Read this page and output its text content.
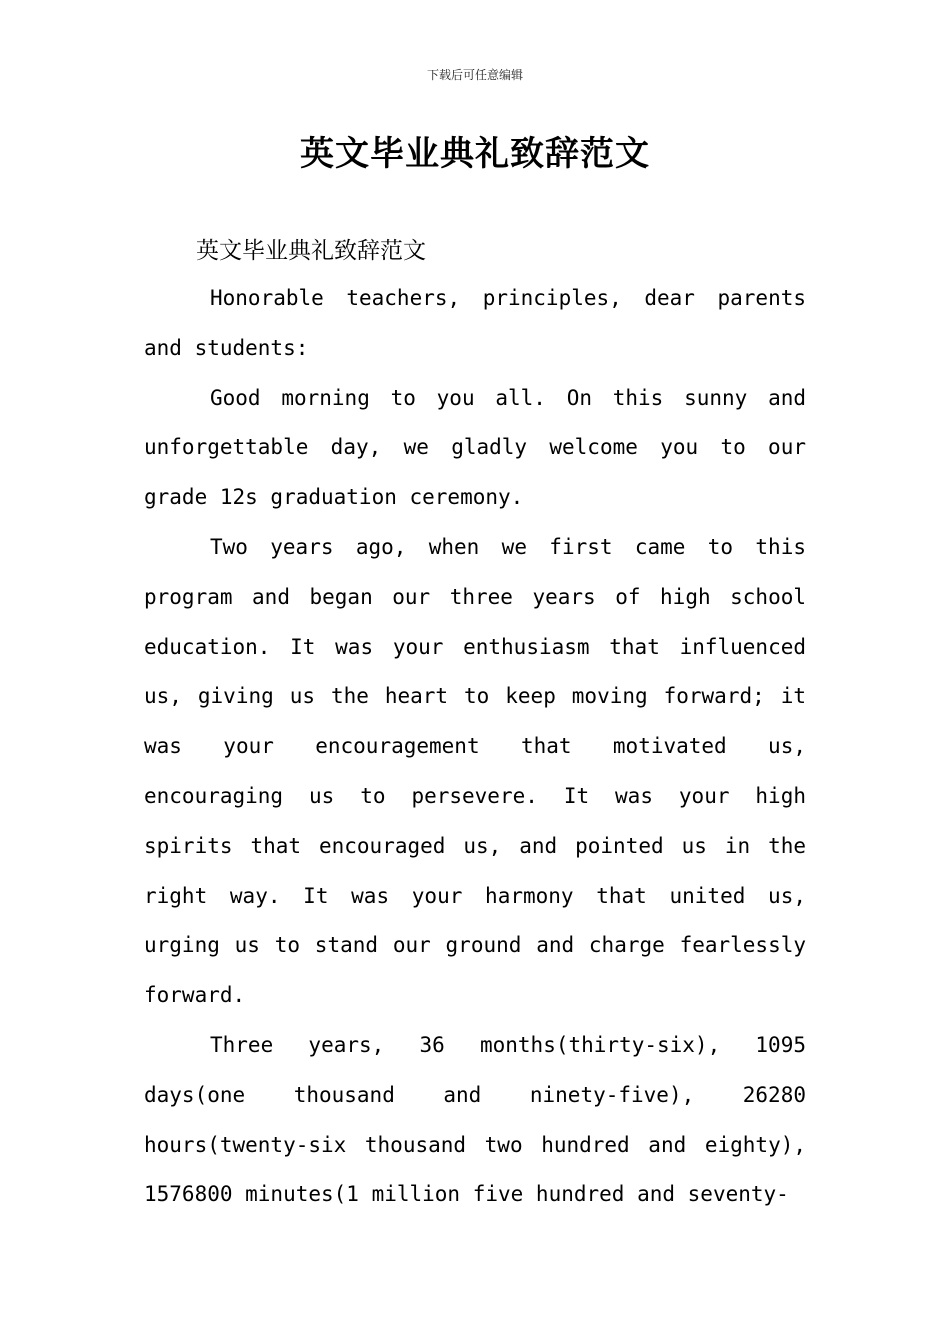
下载后可任意编辑
英文毕业典礼致辞范文
英文毕业典礼致辞范文

Honorable teachers, principles, dear parents and students:

Good morning to you all. On this sunny and unforgettable day, we gladly welcome you to our grade 12s graduation ceremony.

Two years ago, when we first came to this program and began our three years of high school education. It was your enthusiasm that influenced us, giving us the heart to keep moving forward; it was your encouragement that motivated us, encouraging us to persevere. It was your high spirits that encouraged us, and pointed us in the right way. It was your harmony that united us, urging us to stand our ground and charge fearlessly forward.

Three years, 36 months(thirty-six), 1095 days(one thousand and ninety-five), 26280 hours(twenty-six thousand two hundred and eighty), 1576800 minutes(1 million five hundred and seventy-
